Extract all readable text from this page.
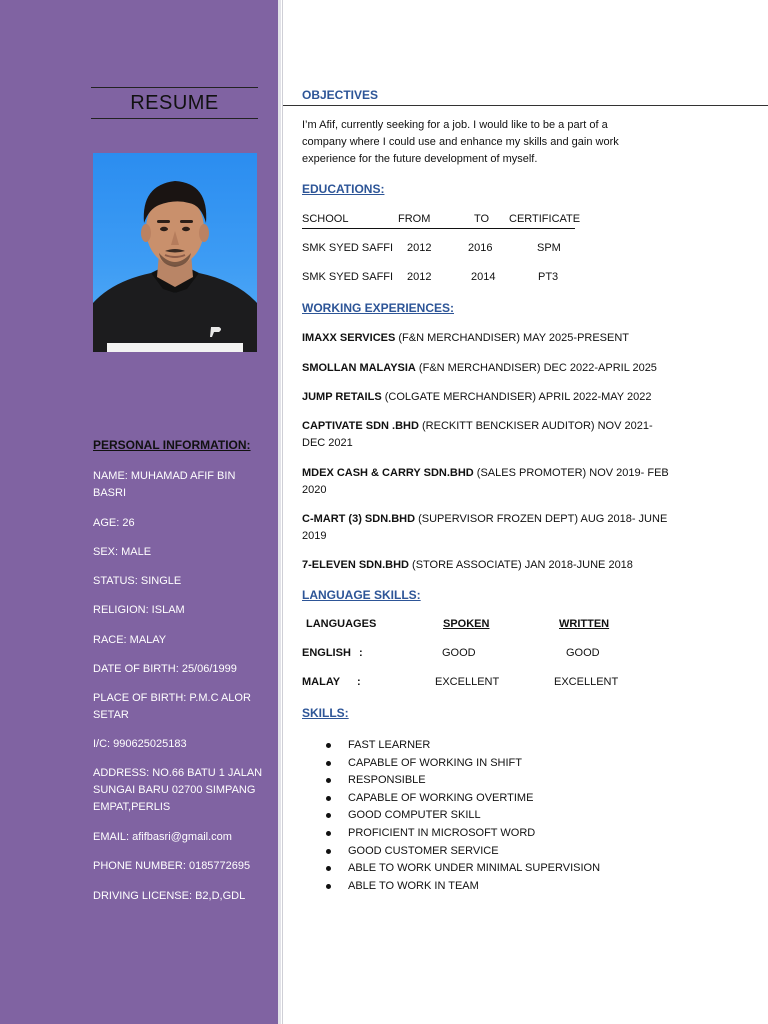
RESUME
PERSONAL INFORMATION:
NAME: MUHAMAD AFIF BIN BASRI
AGE: 26
SEX: MALE
STATUS: SINGLE
RELIGION: ISLAM
RACE: MALAY
DATE OF BIRTH: 25/06/1999
PLACE OF BIRTH: P.M.C ALOR SETAR
I/C: 990625025183
ADDRESS: NO.66 BATU 1 JALAN SUNGAI BARU 02700 SIMPANG EMPAT,PERLIS
EMAIL: afifbasri@gmail.com
PHONE NUMBER: 0185772695
DRIVING LICENSE: B2,D,GDL
OBJECTIVES
I’m Afif, currently seeking for a job. I would like to be a part of a company where I could use and enhance my skills and gain work experience for the future development of myself.
EDUCATIONS:
SCHOOL	FROM	TO CERTIFICATE
SMK SYED SAFFI 2012	2016	SPM
SMK SYED SAFFI 2012	2014	PT3
WORKING EXPERIENCES:
IMAXX SERVICES (F&N MERCHANDISER) MAY 2025-PRESENT
SMOLLAN MALAYSIA (F&N MERCHANDISER) DEC 2022-APRIL 2025
JUMP RETAILS (COLGATE MERCHANDISER) APRIL 2022-MAY 2022
CAPTIVATE SDN .BHD (RECKITT BENCKISER AUDITOR) NOV 2021-DEC 2021
MDEX CASH & CARRY SDN.BHD (SALES PROMOTER) NOV 2019- FEB 2020
C-MART (3) SDN.BHD (SUPERVISOR FROZEN DEPT) AUG 2018- JUNE 2019
7-ELEVEN SDN.BHD (STORE ASSOCIATE) JAN 2018-JUNE 2018
LANGUAGE SKILLS:
LANGUAGES	SPOKEN	WRITTEN
ENGLISH :	GOOD	GOOD
MALAY :	EXCELLENT	EXCELLENT
SKILLS:
FAST LEARNER
CAPABLE OF WORKING IN SHIFT
RESPONSIBLE
CAPABLE OF WORKING OVERTIME
GOOD COMPUTER SKILL
PROFICIENT IN MICROSOFT WORD
GOOD CUSTOMER SERVICE
ABLE TO WORK UNDER MINIMAL SUPERVISION
ABLE TO WORK IN TEAM
